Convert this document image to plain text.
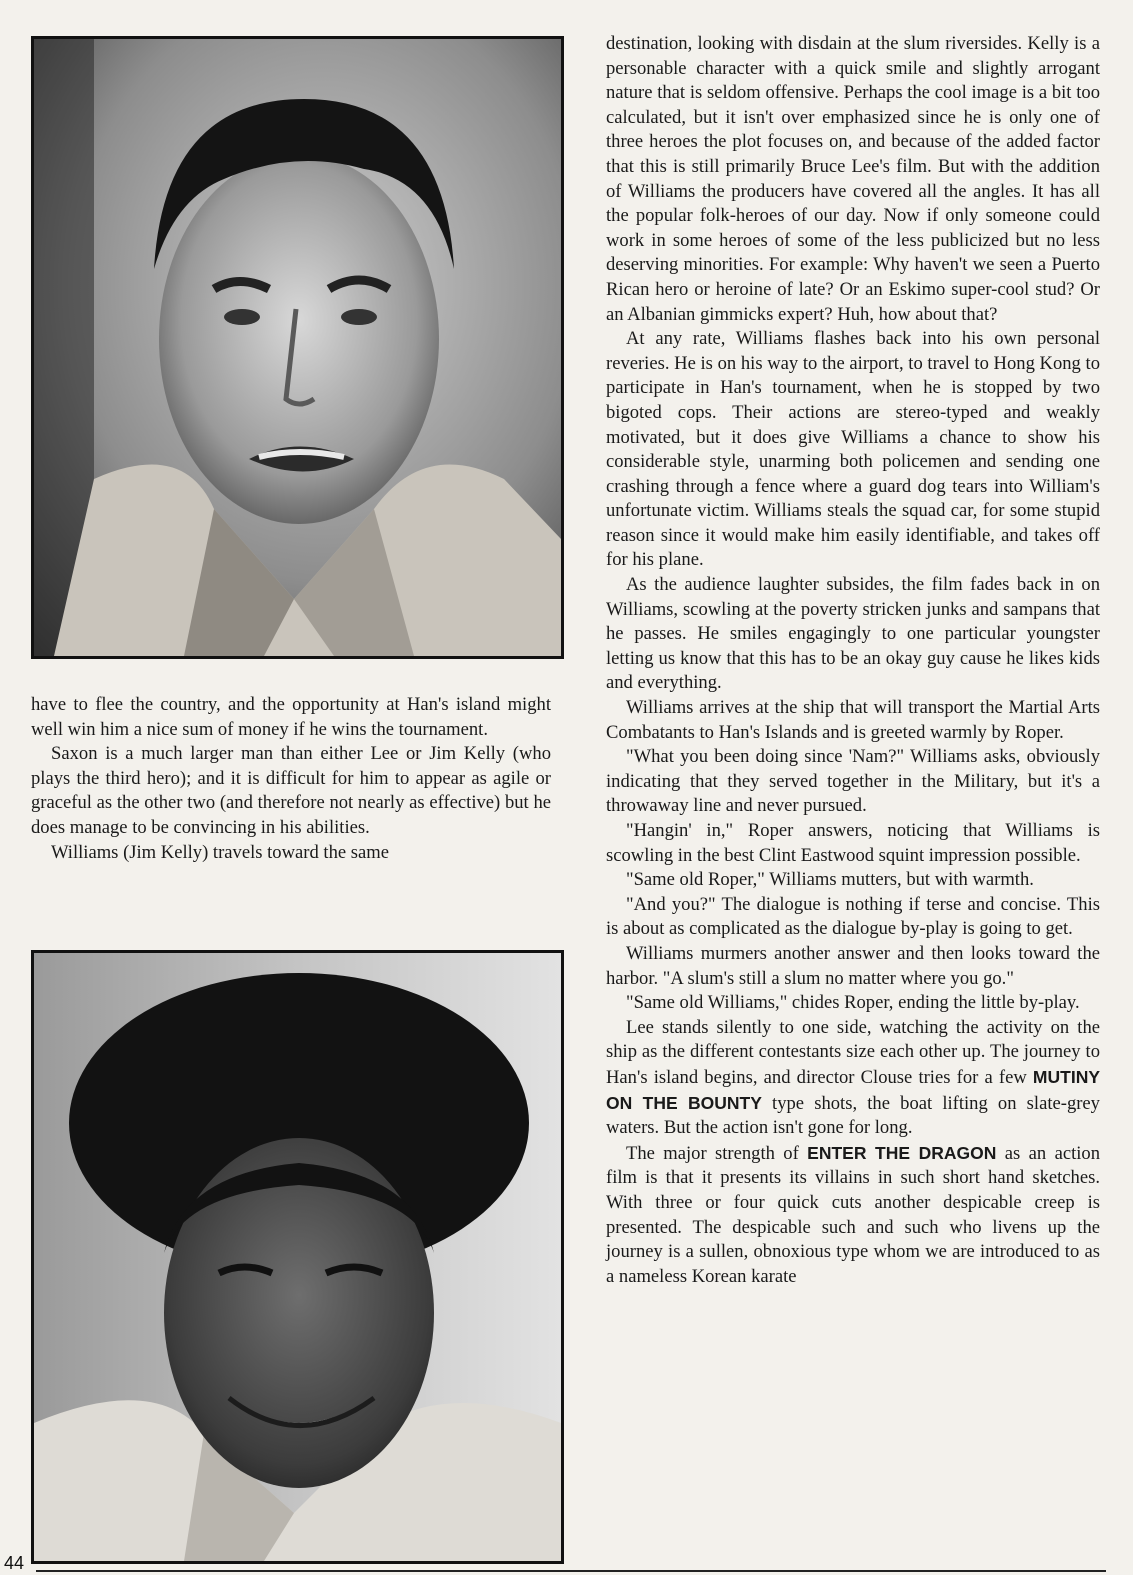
have to flee the country, and the opportunity at Han's island might well win him a nice sum of money if he wins the tournament.

Saxon is a much larger man than either Lee or Jim Kelly (who plays the third hero); and it is difficult for him to appear as agile or graceful as the other two (and therefore not nearly as effective) but he does manage to be convincing in his abilities.

Williams (Jim Kelly) travels toward the same

destination, looking with disdain at the slum riversides. Kelly is a personable character with a quick smile and slightly arrogant nature that is seldom offensive. Perhaps the cool image is a bit too calculated, but it isn't over emphasized since he is only one of three heroes the plot focuses on, and because of the added factor that this is still primarily Bruce Lee's film. But with the addition of Williams the producers have covered all the angles. It has all the popular folk-heroes of our day. Now if only someone could work in some heroes of some of the less publicized but no less deserving minorities. For example: Why haven't we seen a Puerto Rican hero or heroine of late? Or an Eskimo super-cool stud? Or an Albanian gimmicks expert? Huh, how about that?

At any rate, Williams flashes back into his own personal reveries. He is on his way to the airport, to travel to Hong Kong to participate in Han's tournament, when he is stopped by two bigoted cops. Their actions are stereo-typed and weakly motivated, but it does give Williams a chance to show his considerable style, unarming both policemen and sending one crashing through a fence where a guard dog tears into William's unfortunate victim. Williams steals the squad car, for some stupid reason since it would make him easily identifiable, and takes off for his plane.

As the audience laughter subsides, the film fades back in on Williams, scowling at the poverty stricken junks and sampans that he passes. He smiles engagingly to one particular youngster letting us know that this has to be an okay guy cause he likes kids and everything.

Williams arrives at the ship that will transport the Martial Arts Combatants to Han's Islands and is greeted warmly by Roper.

"What you been doing since 'Nam?" Williams asks, obviously indicating that they served together in the Military, but it's a throwaway line and never pursued.

"Hangin' in," Roper answers, noticing that Williams is scowling in the best Clint Eastwood squint impression possible.

"Same old Roper," Williams mutters, but with warmth.

"And you?" The dialogue is nothing if terse and concise. This is about as complicated as the dialogue by-play is going to get.

Williams murmers another answer and then looks toward the harbor. "A slum's still a slum no matter where you go."

"Same old Williams," chides Roper, ending the little by-play.

Lee stands silently to one side, watching the activity on the ship as the different contestants size each other up. The journey to Han's island begins, and director Clouse tries for a few MUTINY ON THE BOUNTY type shots, the boat lifting on slate-grey waters. But the action isn't gone for long.

The major strength of ENTER THE DRAGON as an action film is that it presents its villains in such short hand sketches. With three or four quick cuts another despicable creep is presented. The despicable such and such who livens up the journey is a sullen, obnoxious type whom we are introduced to as a nameless Korean karate

44
